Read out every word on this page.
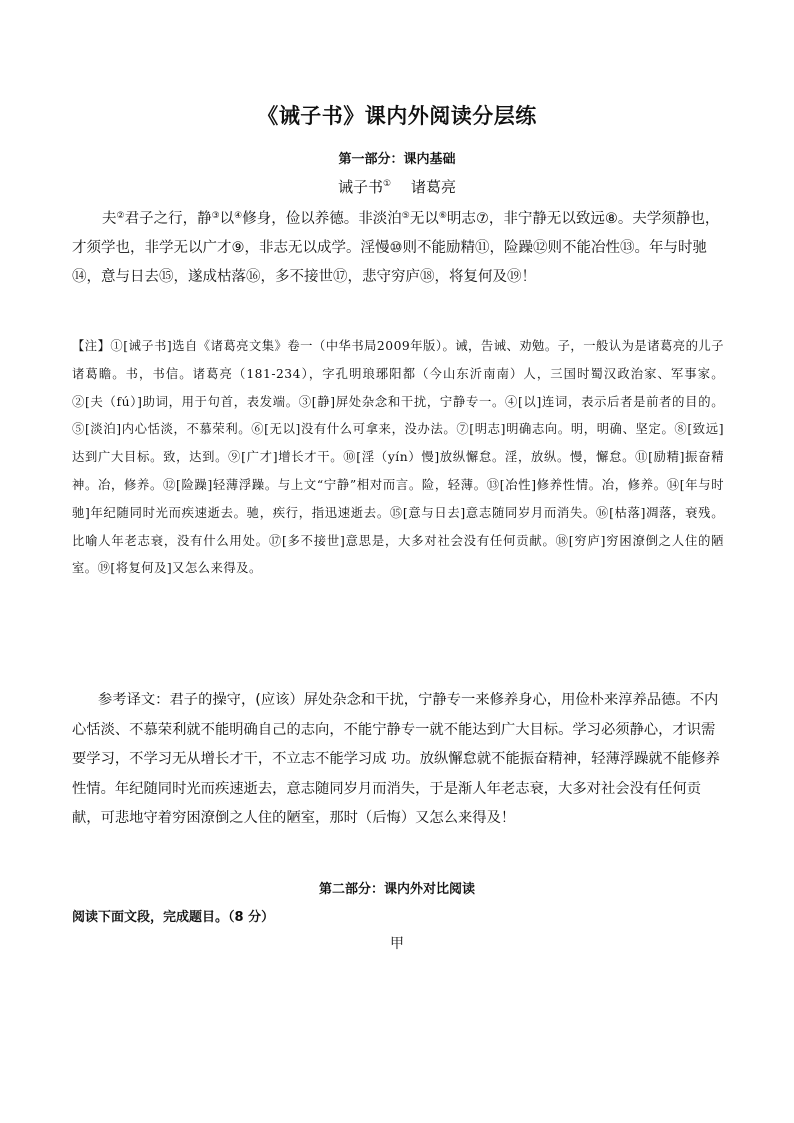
《诫子书》课内外阅读分层练
第一部分：课内基础
诫子书① 诸葛亮
夫②君子之行，静③以④修身，俭以养德。非淡泊⑤无以⑥明志⑦，非宁静无以致远⑧。夫学须静也，才须学也，非学无以广才⑨，非志无以成学。淫慢⑩则不能励精⑪，险躁⑫则不能冶性⑬。年与时驰⑭，意与日去⑮，遂成枯落⑯，多不接世⑰，悲守穷庐⑱，将复何及⑲！
【注】①[诫子书]选自《诸葛亮文集》卷一（中华书局2009年版）。诫，告诫、劝勉。子，一般认为是诸葛亮的儿子诸葛瞻。书，书信。诸葛亮（181-234），字孔明琅琊阳都（今山东沂南南）人，三国时蜀汉政治家、军事家。②[夫（fú）]助词，用于句首，表发端。③[静]屏处杂念和干扰，宁静专一。④[以]连词，表示后者是前者的目的。⑤[淡泊]内心恬淡，不慕荣利。⑥[无以]没有什么可拿来，没办法。⑦[明志]明确志向。明，明确、坚定。⑧[致远]达到广大目标。致，达到。⑨[广才]增长才干。⑩[淫（yín）慢]放纵懈怠。淫，放纵。慢，懈怠。⑪[励精]振奋精神。冶，修养。⑫[险躁]轻薄浮躁。与上文“宁静”相对而言。险，轻薄。⑬[冶性]修养性情。冶，修养。⑭[年与时驰]年纪随同时光而疾速逝去。驰，疾行，指迅速逝去。⑮[意与日去]意志随同岁月而消失。⑯[枯落]凋落，衰残。比喻人年老志衰，没有什么用处。⑰[多不接世]意思是，大多对社会没有任何贡献。⑱[穷庐]穷困潦倒之人住的陋室。⑲[将复何及]又怎么来得及。
参考译文：君子的操守，(应该）屏处杂念和干扰，宁静专一来修养身心，用俭朴来淳养品德。不内心恬淡、不慕荣利就不能明确自己的志向，不能宁静专一就不能达到广大目标。学习必须静心，才识需要学习，不学习无从增长才干，不立志不能学习成 功。放纵懈怠就不能振奋精神，轻薄浮躁就不能修养性情。年纪随同时光而疾速逝去，意志随同岁月而消失，于是渐人年老志衰，大多对社会没有任何贡献，可悲地守着穷困潦倒之人住的陋室，那时（后悔）又怎么来得及！
第二部分：课内外对比阅读
阅读下面文段，完成题目。（8 分）
甲
